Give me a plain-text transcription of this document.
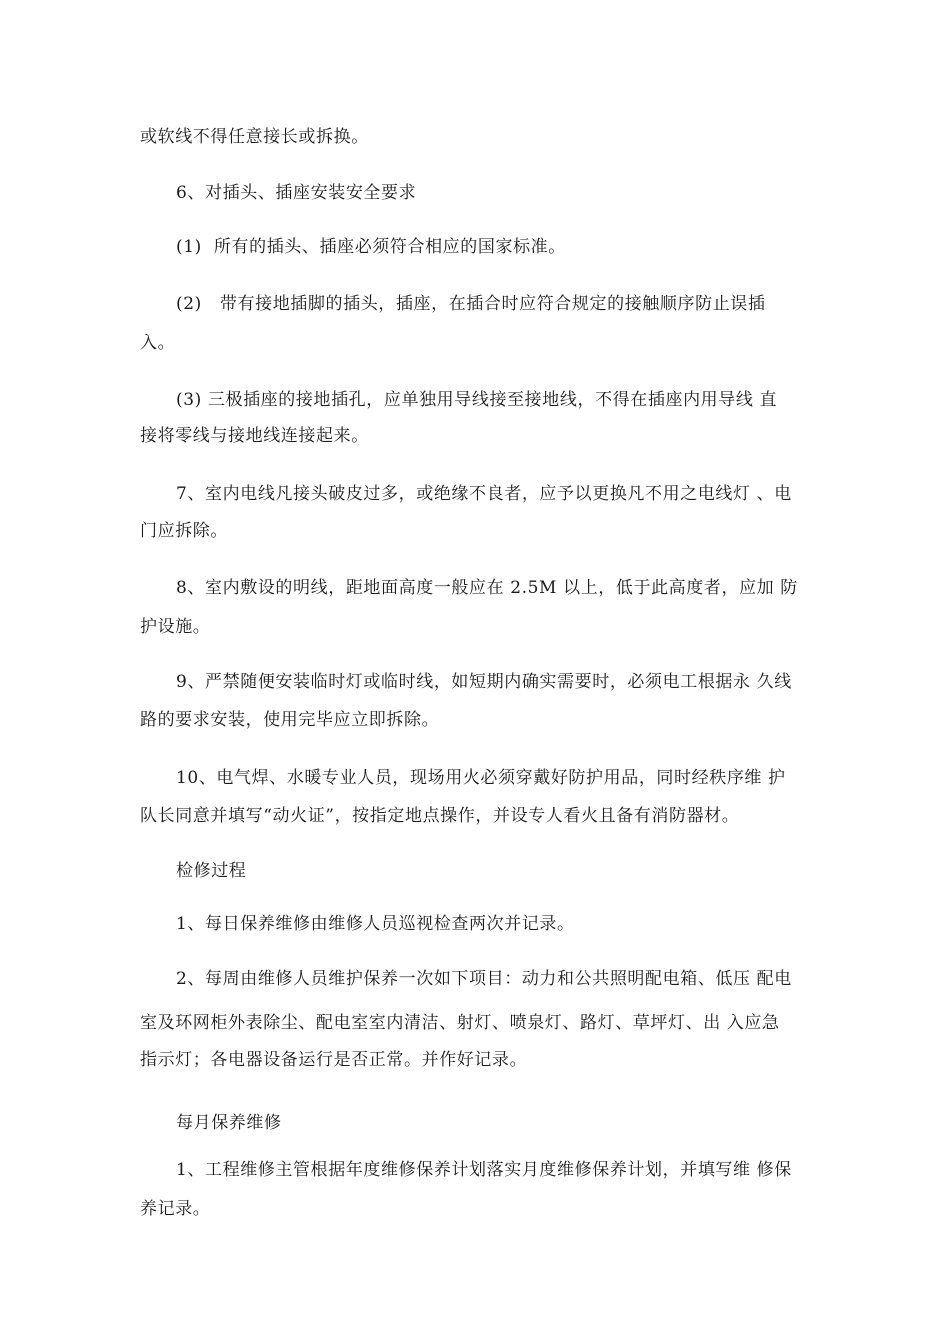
或软线不得任意接长或拆换。
6、对插头、插座安装安全要求
(1)  所有的插头、插座必须符合相应的国家标准。
(2)   带有接地插脚的插头，插座，在插合时应符合规定的接触顺序防止误插
入。
(3) 三极插座的接地插孔，应单独用导线接至接地线，不得在插座内用导线 直
接将零线与接地线连接起来。
7、室内电线凡接头破皮过多，或绝缘不良者，应予以更换凡不用之电线灯 、电
门应拆除。
8、室内敷设的明线，距地面高度一般应在 2.5M 以上，低于此高度者，应加 防
护设施。
9、严禁随便安装临时灯或临时线，如短期内确实需要时，必须电工根据永 久线
路的要求安装，使用完毕应立即拆除。
10、电气焊、水暖专业人员，现场用火必须穿戴好防护用品，同时经秩序维 护
队长同意并填写“动火证”，按指定地点操作，并设专人看火且备有消防器材。
检修过程
1、每日保养维修由维修人员巡视检查两次并记录。
2、每周由维修人员维护保养一次如下项目：动力和公共照明配电箱、低压 配电
室及环网柜外表除尘、配电室室内清洁、射灯、喷泉灯、路灯、草坪灯、出 入应急
指示灯；各电器设备运行是否正常。并作好记录。
每月保养维修
1、工程维修主管根据年度维修保养计划落实月度维修保养计划，并填写维 修保
养记录。
